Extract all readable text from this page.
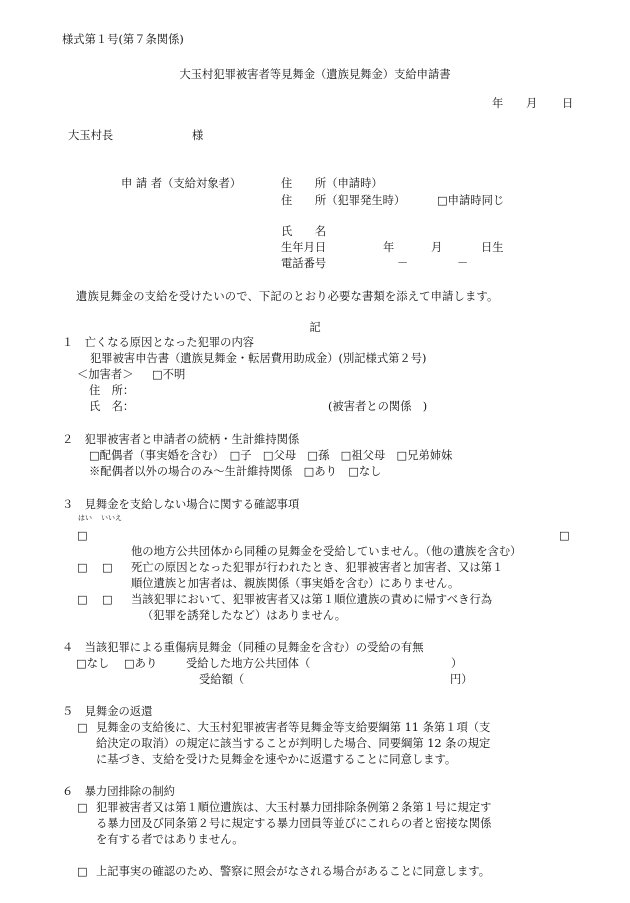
様式第１号(第７条関係)
大玉村犯罪被害者等見舞金（遺族見舞金）支給申請書
年 月 日
大玉村長	様
申 請 者（支給対象者）	住　　所（申請時）
住　　所（犯罪発生時）	□申請時同じ
氏　　名
生年月日	年	月	日生
電話番号	－	－
遺族見舞金の支給を受けたいので、下記のとおり必要な書類を添えて申請します。
記
１　亡くなる原因となった犯罪の内容
犯罪被害申告書（遺族見舞金・転居費用助成金）(別記様式第２号)
＜加害者＞ □不明
住　所：
氏　名：	(被害者との関係　)
２　犯罪被害者と申請者の続柄・生計維持関係
□配偶者（事実婚を含む）　□子　□父母　□孫　□祖父母　□兄弟姉妹
※配偶者以外の場合のみ～生計維持関係　□あり　□なし
３　見舞金を支給しない場合に関する確認事項
はい いいえ
□	□
他の地方公共団体から同種の見舞金を受給していません。（他の遺族を含む）
□ □ 死亡の原因となった犯罪が行われたとき、犯罪被害者と加害者、又は第１
順位遺族と加害者は、親族関係（事実婚を含む）にありません。
□ □ 当該犯罪において、犯罪被害者又は第１順位遺族の責めに帰すべき行為
（犯罪を誘発したなど）はありません。
４　当該犯罪による重傷病見舞金（同種の見舞金を含む）の受給の有無
□なし □あり	受給した地方公共団体（	）
受給額（	円）
５　見舞金の返還
□ 見舞金の支給後に、大玉村犯罪被害者等見舞金等支給要綱第 11 条第１項（支
給決定の取消）の規定に該当することが判明した場合、同要綱第 12 条の規定
に基づき、支給を受けた見舞金を速やかに返還することに同意します。
６　暴力団排除の制約
□ 犯罪被害者又は第１順位遺族は、大玉村暴力団排除条例第２条第１号に規定す
る暴力団及び同条第２号に規定する暴力団員等並びにこれらの者と密接な関係
を有する者ではありません。
□ 上記事実の確認のため、警察に照会がなされる場合があることに同意します。
